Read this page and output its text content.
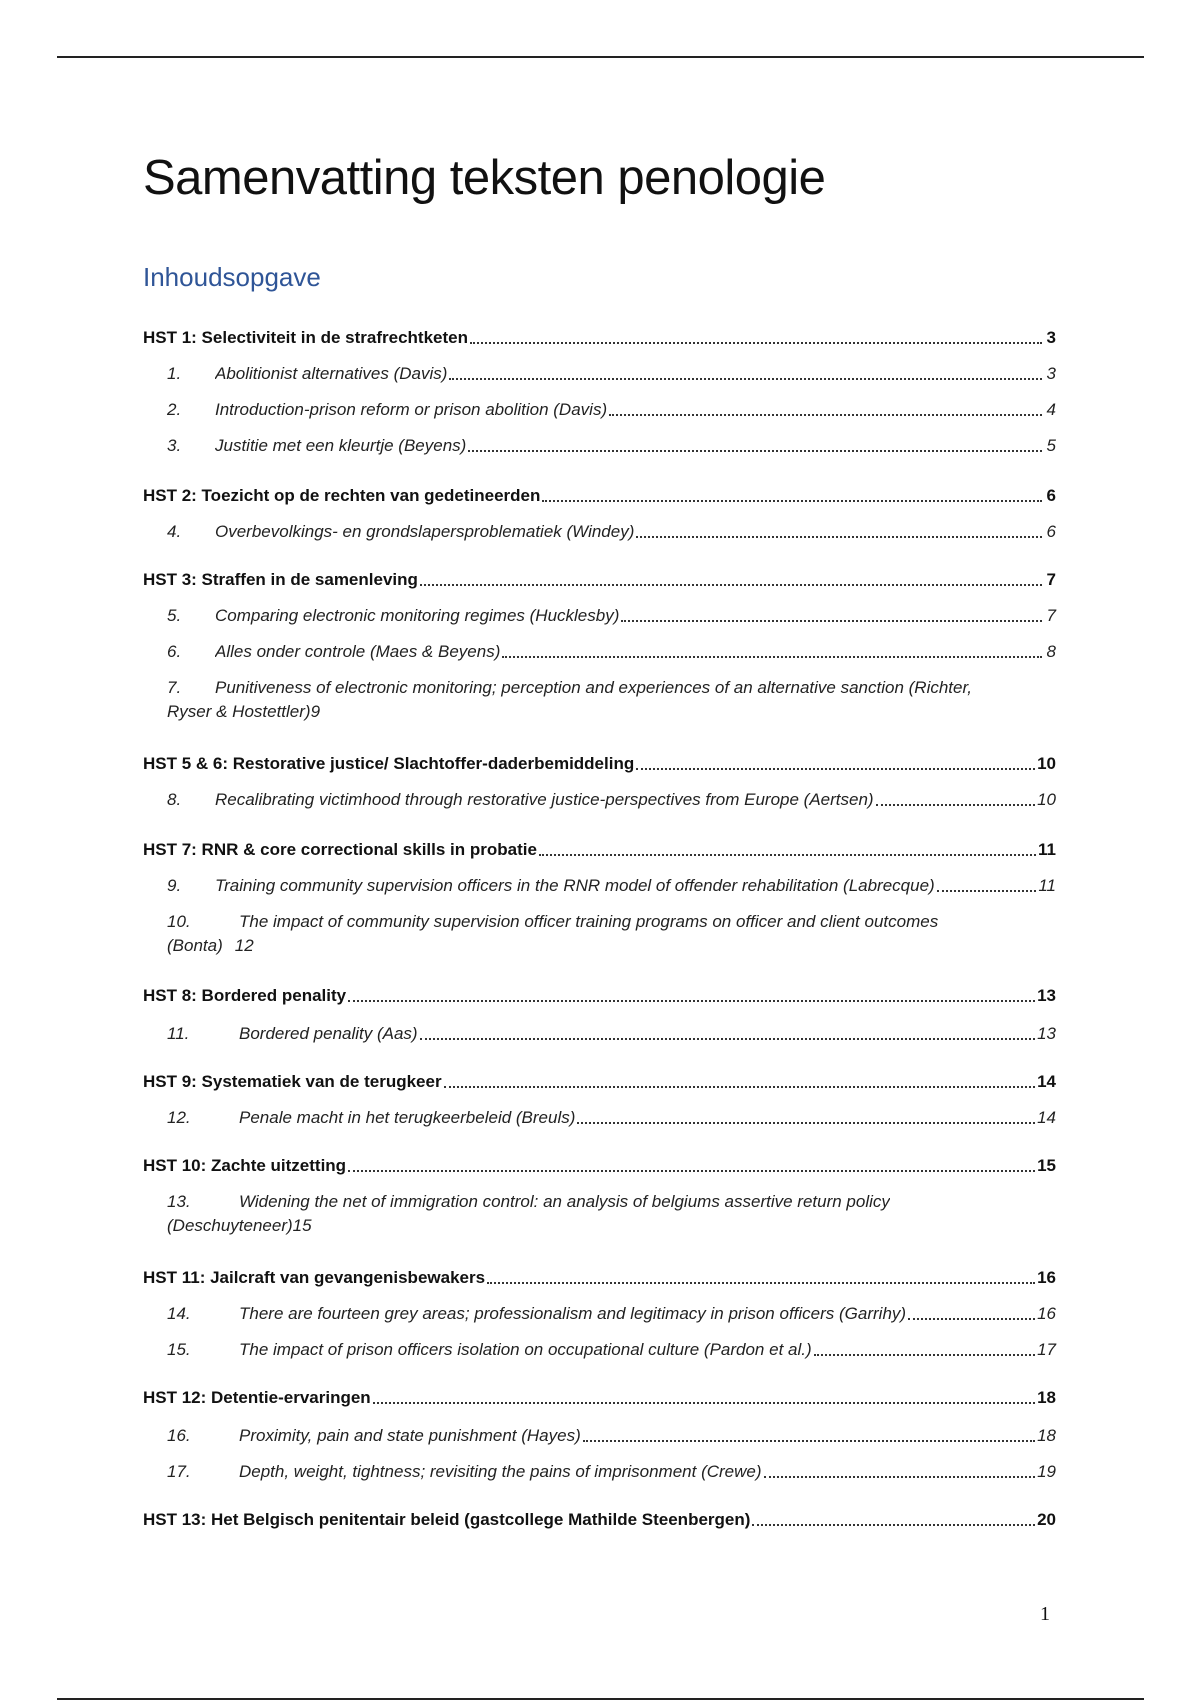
Samenvatting teksten penologie
Inhoudsopgave
HST 1: Selectiviteit in de strafrechtketen	3
1.	Abolitionist alternatives (Davis)	3
2.	Introduction-prison reform or prison abolition (Davis)	4
3.	Justitie met een kleurtje (Beyens)	5
HST 2: Toezicht op de rechten van gedetineerden	6
4.	Overbevolkings- en grondslapersproblematiek (Windey)	6
HST 3: Straffen in de samenleving	7
5.	Comparing electronic monitoring regimes (Hucklesby)	7
6.	Alles onder controle (Maes & Beyens)	8
7.	Punitiveness of electronic monitoring; perception and experiences of an alternative sanction (Richter,
Ryser & Hostettler) 9
HST 5 & 6: Restorative justice/ Slachtoffer-daderbemiddeling	10
8.	Recalibrating victimhood through restorative justice-perspectives from Europe (Aertsen)	10
HST 7: RNR & core correctional skills in probatie	11
9.	Training community supervision officers in the RNR model of offender rehabilitation (Labrecque)	11
10.	The impact of community supervision officer training programs on officer and client outcomes
(Bonta) 12
HST 8: Bordered penality	13
11.	Bordered penality (Aas)	13
HST 9: Systematiek van de terugkeer	14
12.	Penale macht in het terugkeerbeleid (Breuls)	14
HST 10: Zachte uitzetting	15
13.	Widening the net of immigration control: an analysis of belgiums assertive return policy
(Deschuyteneer) 15
HST 11: Jailcraft van gevangenisbewakers	16
14.	There are fourteen grey areas; professionalism and legitimacy in prison officers (Garrihy)	16
15.	The impact of prison officers isolation on occupational culture (Pardon et al.)	17
HST 12: Detentie-ervaringen	18
16.	Proximity, pain and state punishment (Hayes)	18
17.	Depth, weight, tightness; revisiting the pains of imprisonment (Crewe)	19
HST 13: Het Belgisch penitentair beleid (gastcollege Mathilde Steenbergen)	20
1
